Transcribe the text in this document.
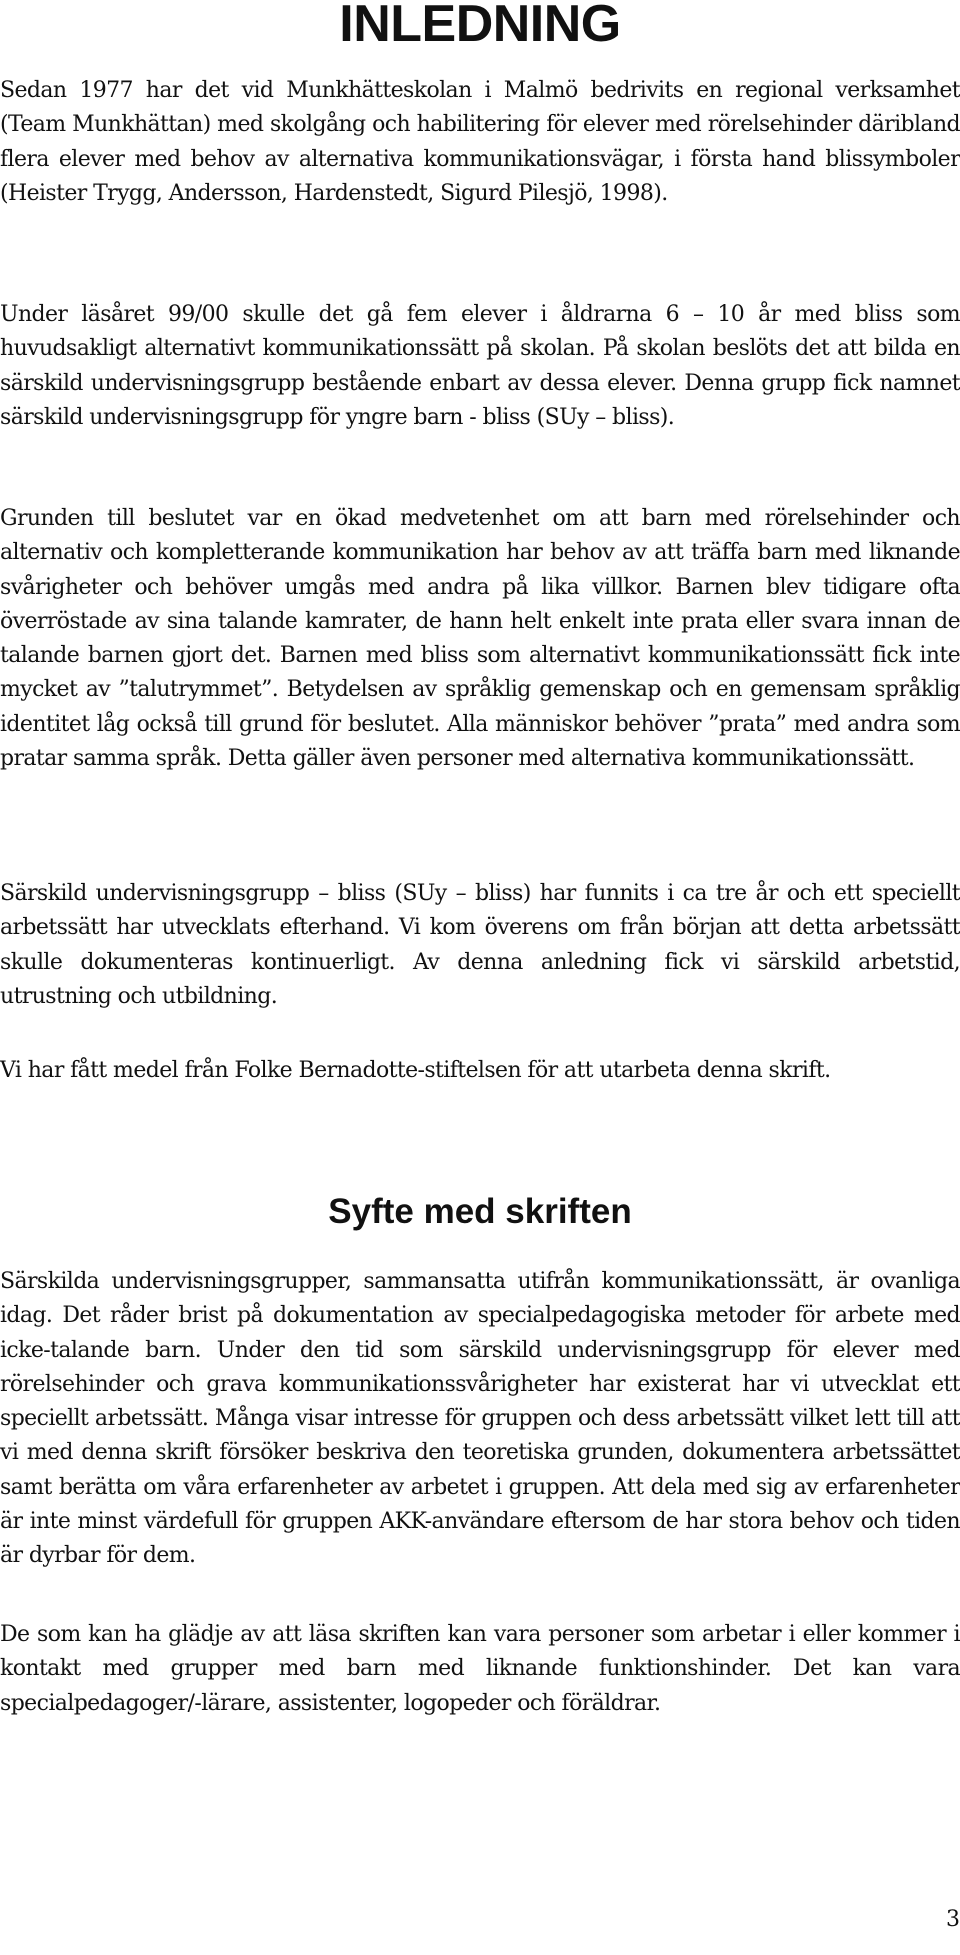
INLEDNING

Sedan 1977 har det vid Munkhätteskolan i Malmö bedrivits en regional verksamhet (Team Munkhättan) med skolgång och habilitering för elever med rörelsehinder däribland flera elever med behov av alternativa kommunikationsvägar, i första hand blissymboler (Heister Trygg, Andersson, Hardenstedt, Sigurd Pilesjö, 1998).

Under läsåret 99/00 skulle det gå fem elever i åldrarna 6 – 10 år med bliss som huvudsakligt alternativt kommunikationssätt på skolan. På skolan beslöts det att bilda en särskild undervisningsgrupp bestående enbart av dessa elever. Denna grupp fick namnet särskild undervisningsgrupp för yngre barn - bliss (SUy – bliss).

Grunden till beslutet var en ökad medvetenhet om att barn med rörelsehinder och alternativ och kompletterande kommunikation har behov av att träffa barn med liknande svårigheter och behöver umgås med andra på lika villkor. Barnen blev tidigare ofta överröstade av sina talande kamrater, de hann helt enkelt inte prata eller svara innan de talande barnen gjort det. Barnen med bliss som alternativt kommunikationssätt fick inte mycket av ”talutrymmet”. Betydelsen av språklig gemenskap och en gemensam språklig identitet låg också till grund för beslutet. Alla människor behöver ”prata” med andra som pratar samma språk. Detta gäller även personer med alternativa kommunikationssätt.

Särskild undervisningsgrupp – bliss (SUy – bliss) har funnits i ca tre år och ett speciellt arbetssätt har utvecklats efterhand. Vi kom överens om från början att detta arbetssätt skulle dokumenteras kontinuerligt. Av denna anledning fick vi särskild arbetstid, utrustning och utbildning.

Vi har fått medel från Folke Bernadotte-stiftelsen för att utarbeta denna skrift.

Syfte med skriften

Särskilda undervisningsgrupper, sammansatta utifrån kommunikationssätt, är ovanliga idag. Det råder brist på dokumentation av specialpedagogiska metoder för arbete med icke-talande barn. Under den tid som särskild undervisningsgrupp för elever med rörelsehinder och grava kommunikationssvårigheter har existerat har vi utvecklat ett speciellt arbetssätt. Många visar intresse för gruppen och dess arbetssätt vilket lett till att vi med denna skrift försöker beskriva den teoretiska grunden, dokumentera arbetssättet samt berätta om våra erfarenheter av arbetet i gruppen. Att dela med sig av erfarenheter är inte minst värdefull för gruppen AKK-användare eftersom de har stora behov och tiden är dyrbar för dem.

De som kan ha glädje av att läsa skriften kan vara personer som arbetar i eller kommer i kontakt med grupper med barn med liknande funktionshinder. Det kan vara specialpedagoger/-lärare, assistenter, logopeder och föräldrar.

3
